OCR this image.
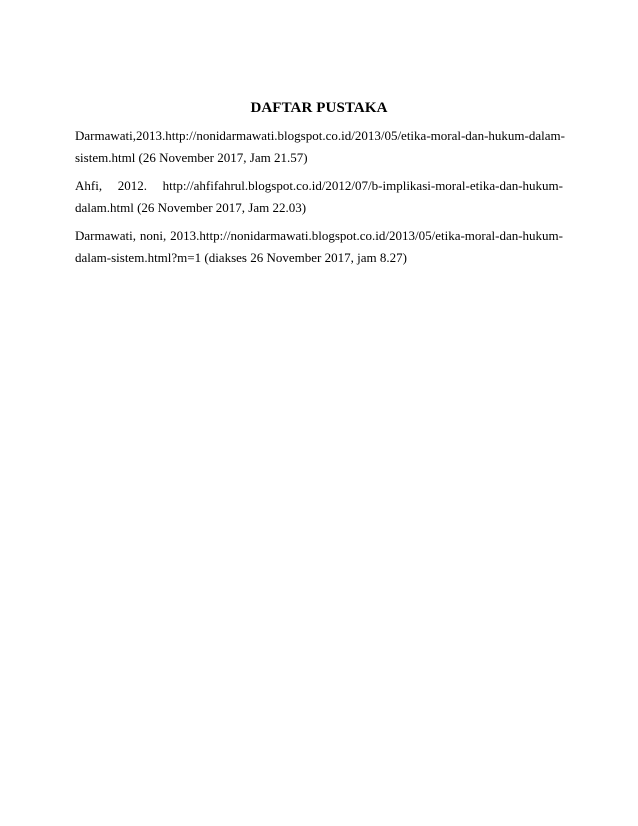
DAFTAR PUSTAKA
Darmawati, 2013. http://nonidarmawati.blogspot.co.id/2013/05/etika-moral-dan-hukum-dalam-
sistem.html (26 November 2017, Jam 21.57)
Ahfi, 2012. http://ahfifahrul.blogspot.co.id/2012/07/b-implikasi-moral-etika-dan-hukum-
dalam.html (26 November 2017, Jam 22.03)
Darmawati, noni, 2013.http://nonidarmawati.blogspot.co.id/2013/05/etika-moral-dan-hukum-
dalam-sistem.html?m=1 (diakses 26 November 2017, jam 8.27)
